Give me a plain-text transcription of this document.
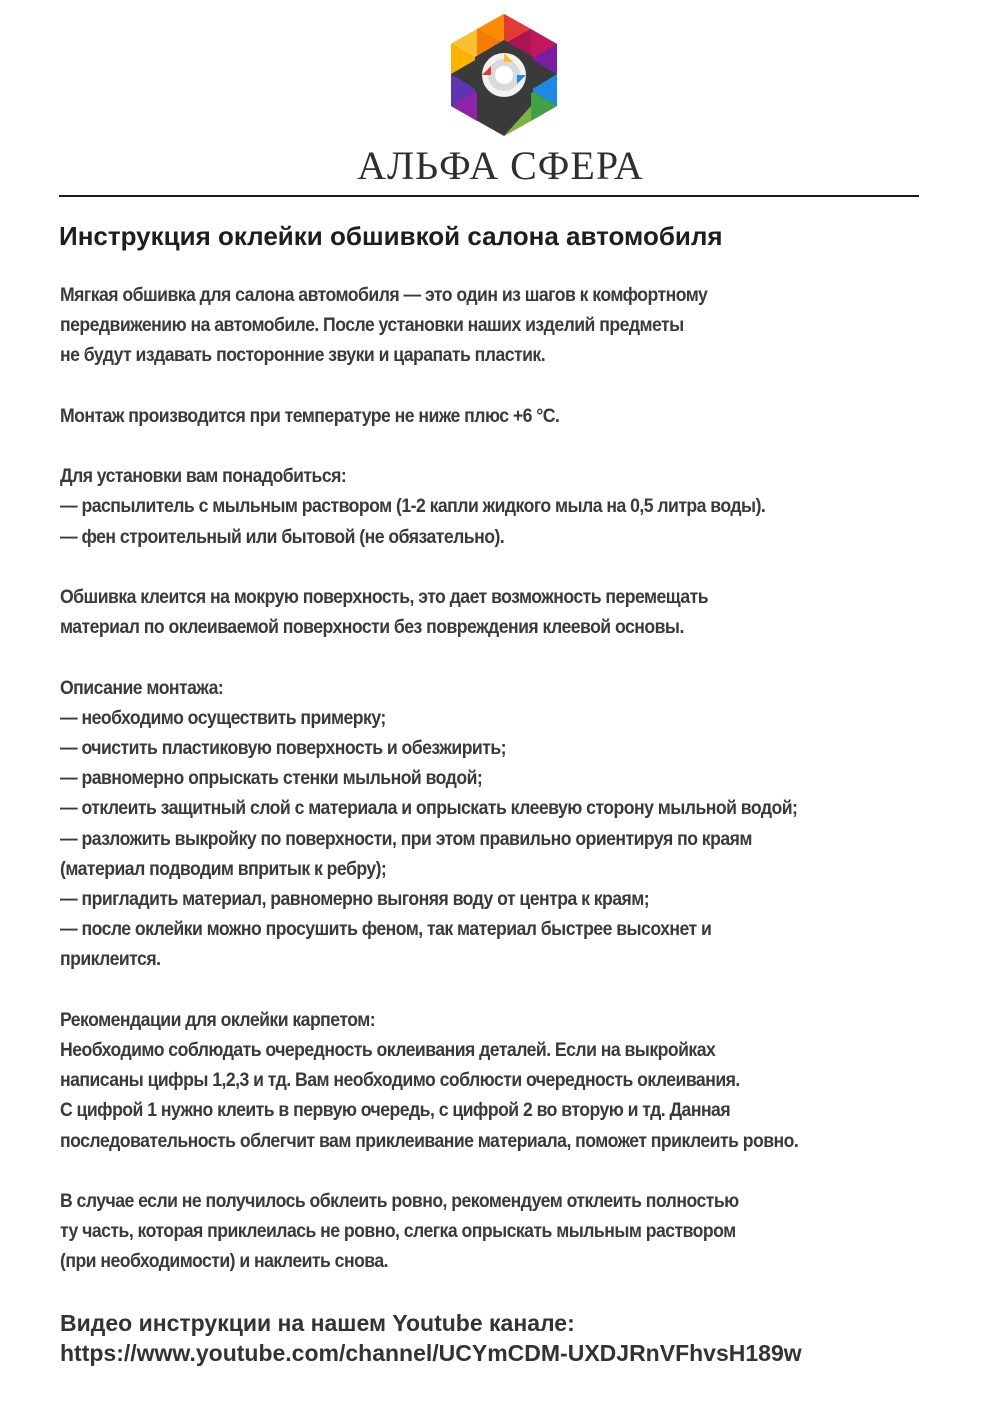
АЛЬФА СФЕРА
Инструкция оклейки обшивкой салона автомобиля

Мягкая обшивка для салона автомобиля — это один из шагов к комфортному
передвижению на автомобиле. После установки наших изделий предметы
не будут издавать посторонние звуки и царапать пластик.

Монтаж производится при температуре не ниже плюс +6 °С.

Для установки вам понадобиться:
— распылитель с мыльным раствором (1-2 капли жидкого мыла на 0,5 литра воды).
— фен строительный или бытовой (не обязательно).

Обшивка клеится на мокрую поверхность, это дает возможность перемещать
материал по оклеиваемой поверхности без повреждения клеевой основы.

Описание монтажа:
— необходимо осуществить примерку;
— очистить пластиковую поверхность и обезжирить;
— равномерно опрыскать стенки мыльной водой;
— отклеить защитный слой с материала и опрыскать клеевую сторону мыльной водой;
— разложить выкройку по поверхности, при этом правильно ориентируя по краям
(материал подводим впритык к ребру);
— пригладить материал, равномерно выгоняя воду от центра к краям;
— после оклейки можно просушить феном, так материал быстрее высохнет и
приклеится.

Рекомендации для оклейки карпетом:
Необходимо соблюдать очередность оклеивания деталей. Если на выкройках
написаны цифры 1,2,3 и тд. Вам необходимо соблюсти очередность оклеивания.
С цифрой 1 нужно клеить в первую очередь, с цифрой 2 во вторую и тд. Данная
последовательность облегчит вам приклеивание материала, поможет приклеить ровно.

В случае если не получилось обклеить ровно, рекомендуем отклеить полностью
ту часть, которая приклеилась не ровно, слегка опрыскать мыльным раствором
(при необходимости) и наклеить снова.

Видео инструкции на нашем Youtube канале:
https://www.youtube.com/channel/UCYmCDM-UXDJRnVFhvsH189w
